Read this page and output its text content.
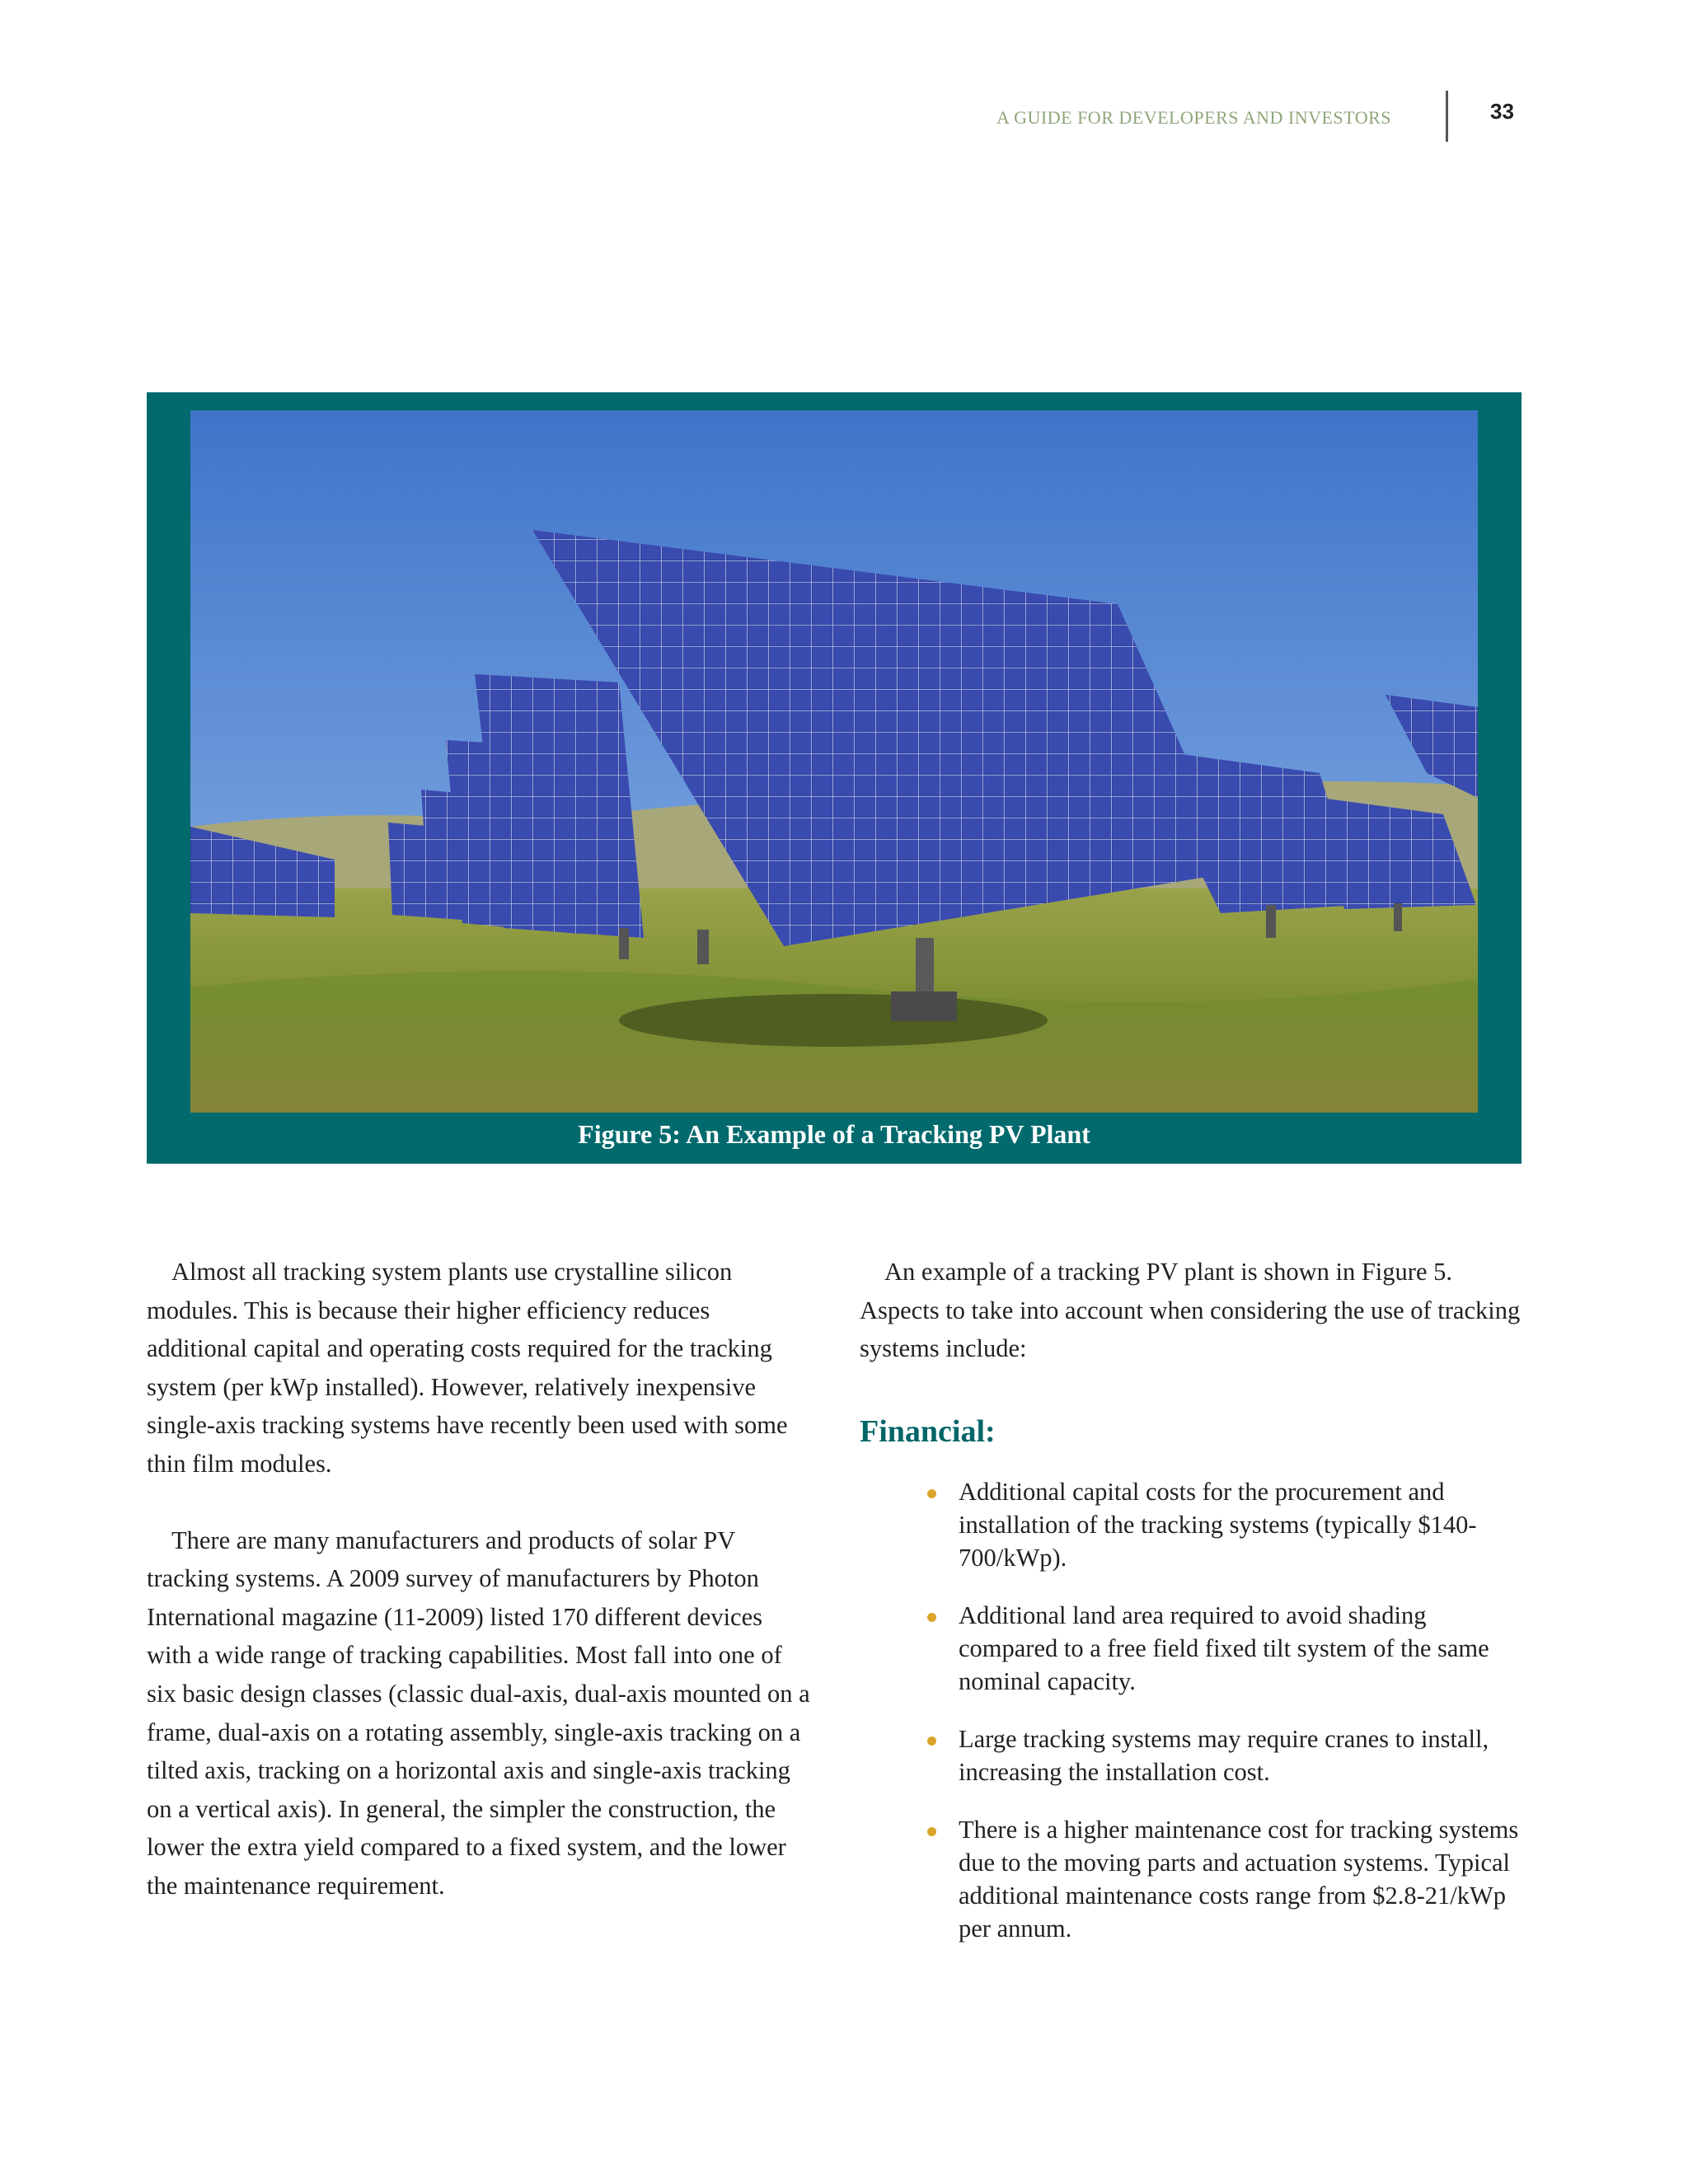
A GUIDE FOR DEVELOPERS AND INVESTORS	33
Figure 5: An Example of a Tracking PV Plant

Almost all tracking system plants use crystalline silicon modules. This is because their higher efficiency reduces additional capital and operating costs required for the tracking system (per kWp installed). However, relatively inexpensive single-axis tracking systems have recently been used with some thin film modules.

There are many manufacturers and products of solar PV tracking systems. A 2009 survey of manufacturers by Photon International magazine (11-2009) listed 170 different devices with a wide range of tracking capabilities. Most fall into one of six basic design classes (classic dual-axis, dual-axis mounted on a frame, dual-axis on a rotating assembly, single-axis tracking on a tilted axis, tracking on a horizontal axis and single-axis tracking on a vertical axis). In general, the simpler the construction, the lower the extra yield compared to a fixed system, and the lower the maintenance requirement.

An example of a tracking PV plant is shown in Figure 5. Aspects to take into account when considering the use of tracking systems include:

Financial:
Additional capital costs for the procurement and installation of the tracking systems (typically $140-700/kWp).
Additional land area required to avoid shading compared to a free field fixed tilt system of the same nominal capacity.
Large tracking systems may require cranes to install, increasing the installation cost.
There is a higher maintenance cost for tracking systems due to the moving parts and actuation systems. Typical additional maintenance costs range from $2.8-21/kWp per annum.
